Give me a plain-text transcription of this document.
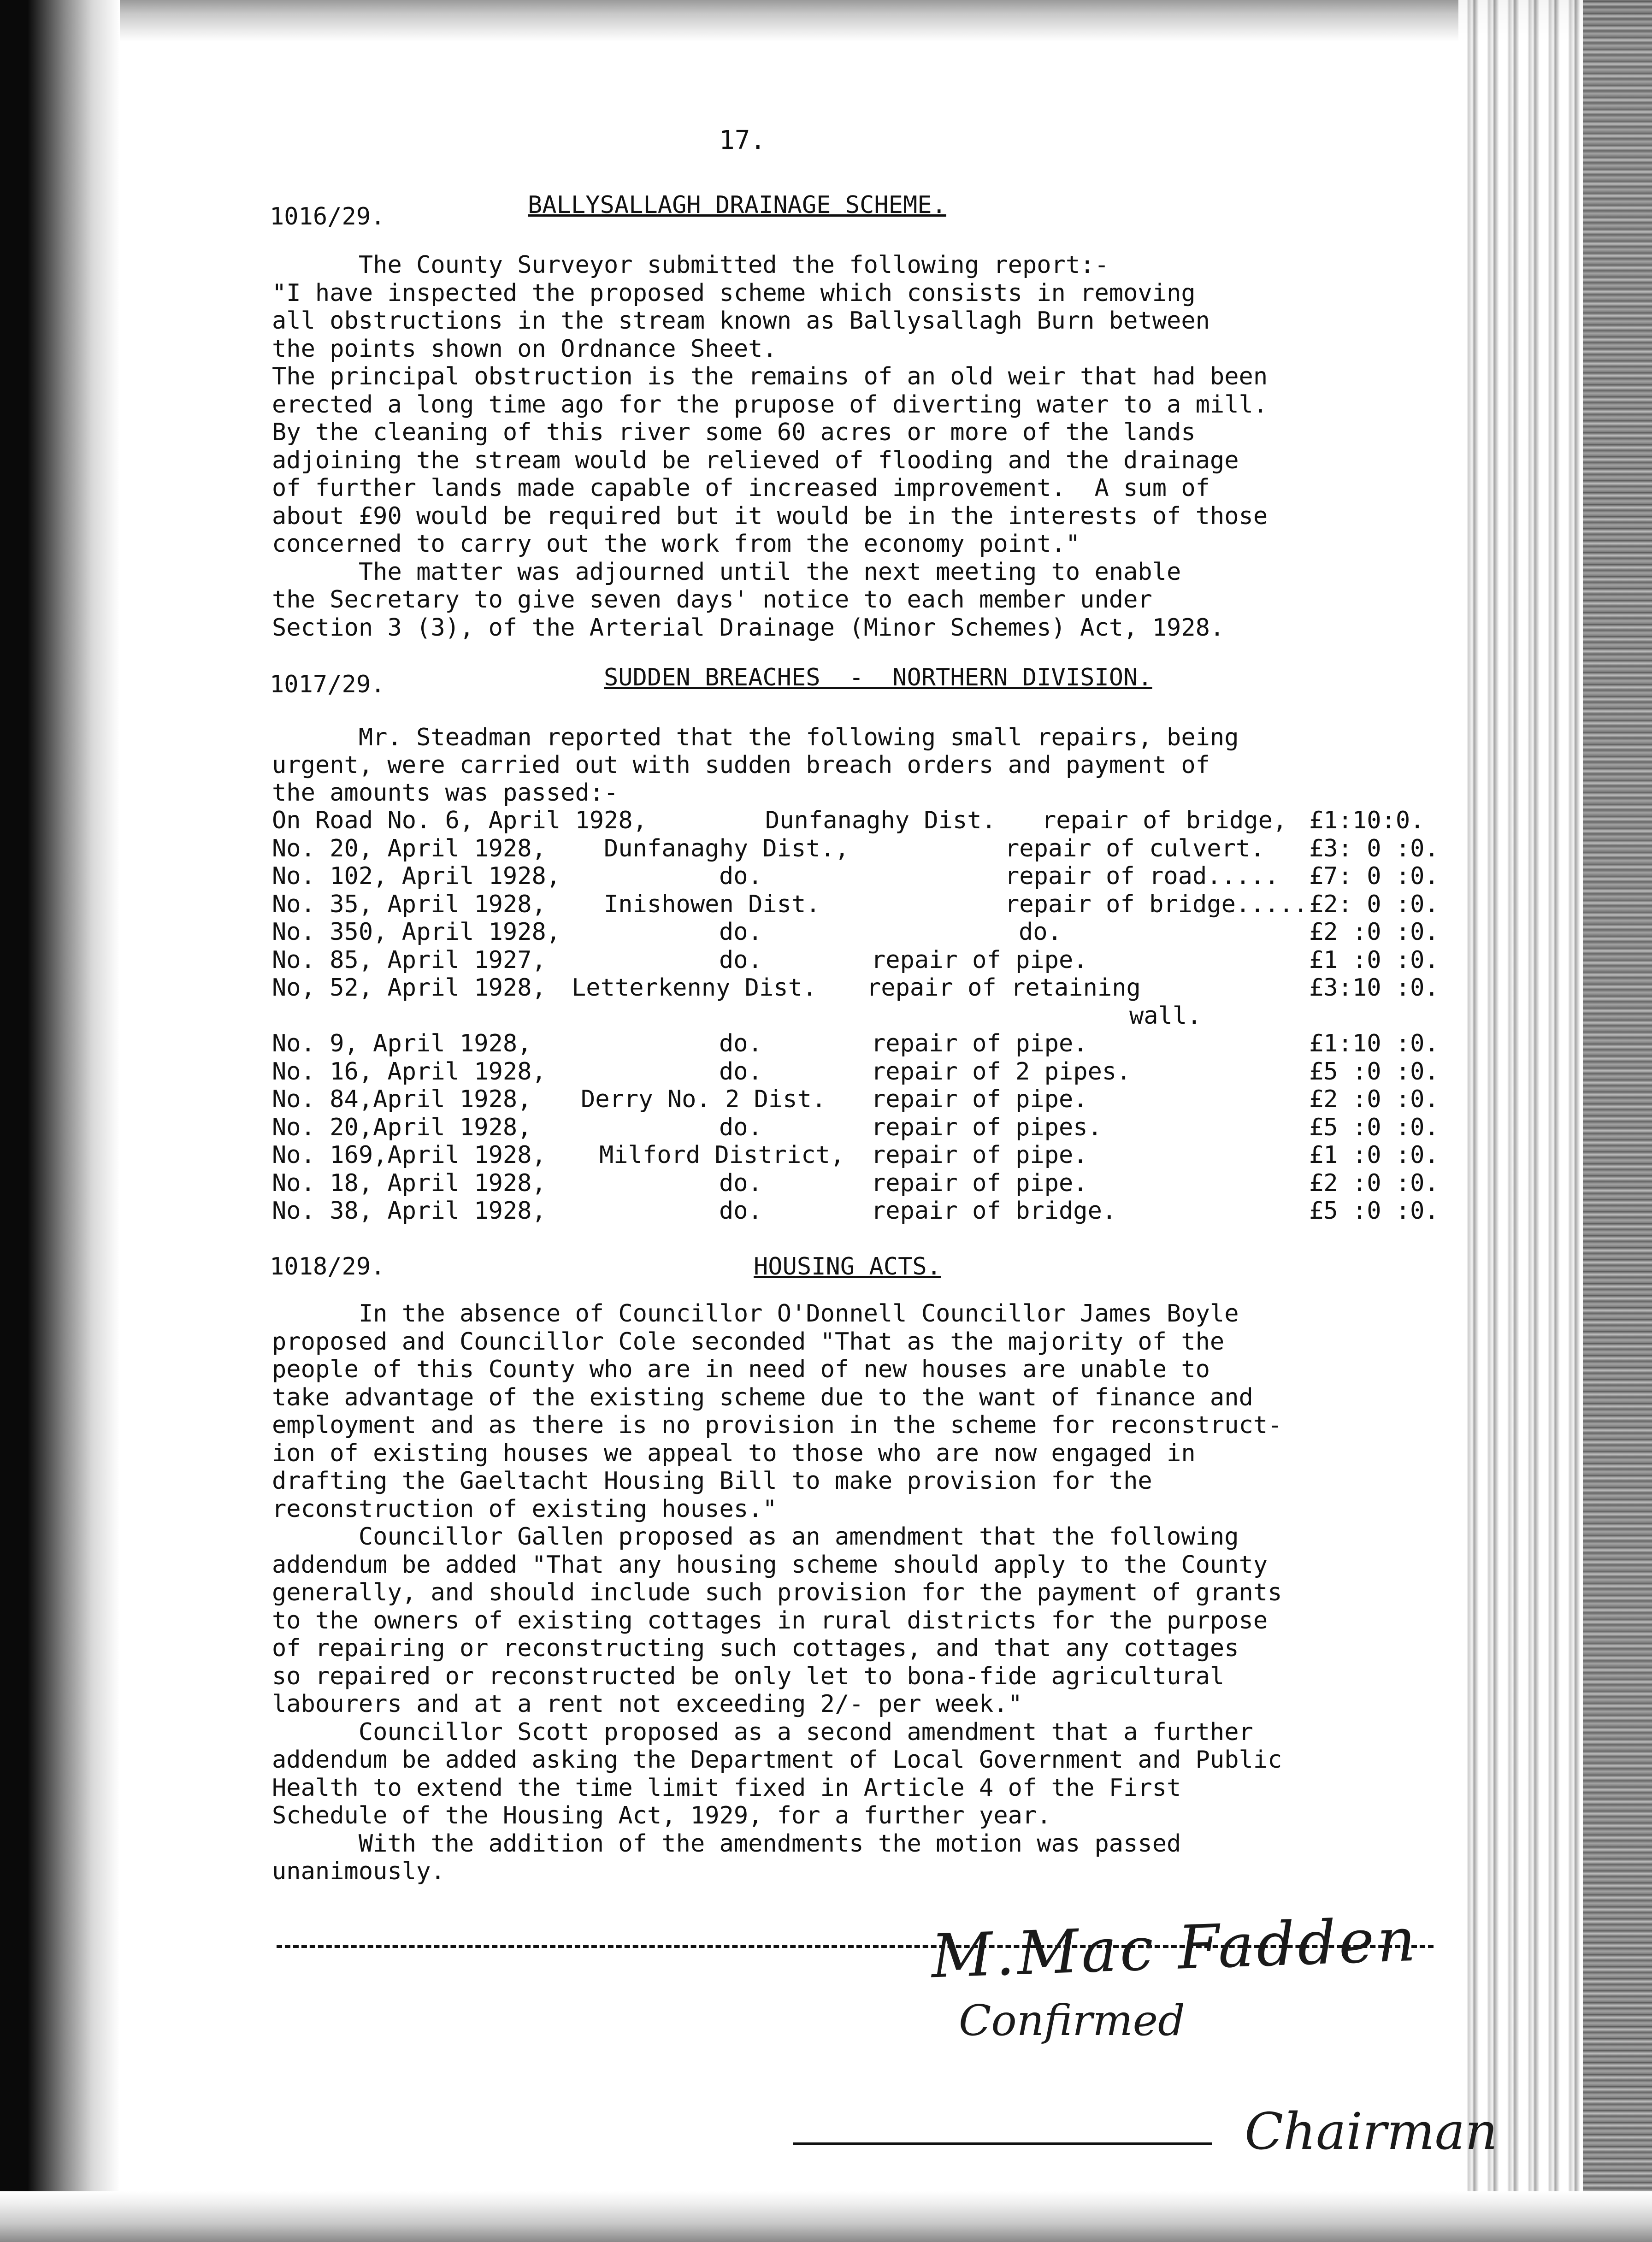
17.
1016/29.	BALLYSALLAGH DRAINAGE SCHEME.
The County Surveyor submitted the following report:-
"I have inspected the proposed scheme which consists in removing
all obstructions in the stream known as Ballysallagh Burn between
the points shown on Ordnance Sheet.
The principal obstruction is the remains of an old weir that had been
erected a long time ago for the prupose of diverting water to a mill.
By the cleaning of this river some 60 acres or more of the lands
adjoining the stream would be relieved of flooding and the drainage
of further lands made capable of increased improvement.  A sum of
about £90 would be required but it would be in the interests of those
concerned to carry out the work from the economy point."
The matter was adjourned until the next meeting to enable
the Secretary to give seven days' notice to each member under
Section 3 (3), of the Arterial Drainage (Minor Schemes) Act, 1928.
1017/29.	SUDDEN BREACHES  -  NORTHERN DIVISION.
Mr. Steadman reported that the following small repairs, being
urgent, were carried out with sudden breach orders and payment of
the amounts was passed:-
On Road No. 6, April 1928,	Dunfanaghy Dist. repair of bridge, £1:10:0.
No. 20, April 1928, Dunfanaghy Dist.,	repair of culvert. £3: 0 :0.
No. 102, April 1928,	do.	repair of road..... £7: 0 :0.
No. 35, April 1928, Inishowen Dist.	repair of bridge..... £2: 0 :0.
No. 350, April 1928,	do.	do.	£2 :0 :0.
No. 85, April 1927,	do.	repair of pipe.	£1 :0 :0.
No, 52, April 1928, Letterkenny Dist. repair of retaining	£3:10 :0.
wall.
No. 9, April 1928,	do.	repair of pipe.	£1:10 :0.
No. 16, April 1928,	do.	repair of 2 pipes.	£5 :0 :0.
No. 84,April 1928, Derry No. 2 Dist. repair of pipe.	£2 :0 :0.
No. 20,April 1928,	do.	repair of pipes.	£5 :0 :0.
No. 169,April 1928, Milford District, repair of pipe.	£1 :0 :0.
No. 18, April 1928,	do.	repair of pipe.	£2 :0 :0.
No. 38, April 1928,	do.	repair of bridge.	£5 :0 :0.
1018/29.	HOUSING ACTS.
In the absence of Councillor O'Donnell Councillor James Boyle
proposed and Councillor Cole seconded "That as the majority of the
people of this County who are in need of new houses are unable to
take advantage of the existing scheme due to the want of finance and
employment and as there is no provision in the scheme for reconstruct-
ion of existing houses we appeal to those who are now engaged in
drafting the Gaeltacht Housing Bill to make provision for the
reconstruction of existing houses."
Councillor Gallen proposed as an amendment that the following
addendum be added "That any housing scheme should apply to the County
generally, and should include such provision for the payment of grants
to the owners of existing cottages in rural districts for the purpose
of repairing or reconstructing such cottages, and that any cottages
so repaired or reconstructed be only let to bona-fide agricultural
labourers and at a rent not exceeding 2/- per week."
Councillor Scott proposed as a second amendment that a further
addendum be added asking the Department of Local Government and Public
Health to extend the time limit fixed in Article 4 of the First
Schedule of the Housing Act, 1929, for a further year.
With the addition of the amendments the motion was passed
unanimously.
M.Mac Fadden
Confirmed
Chairman
